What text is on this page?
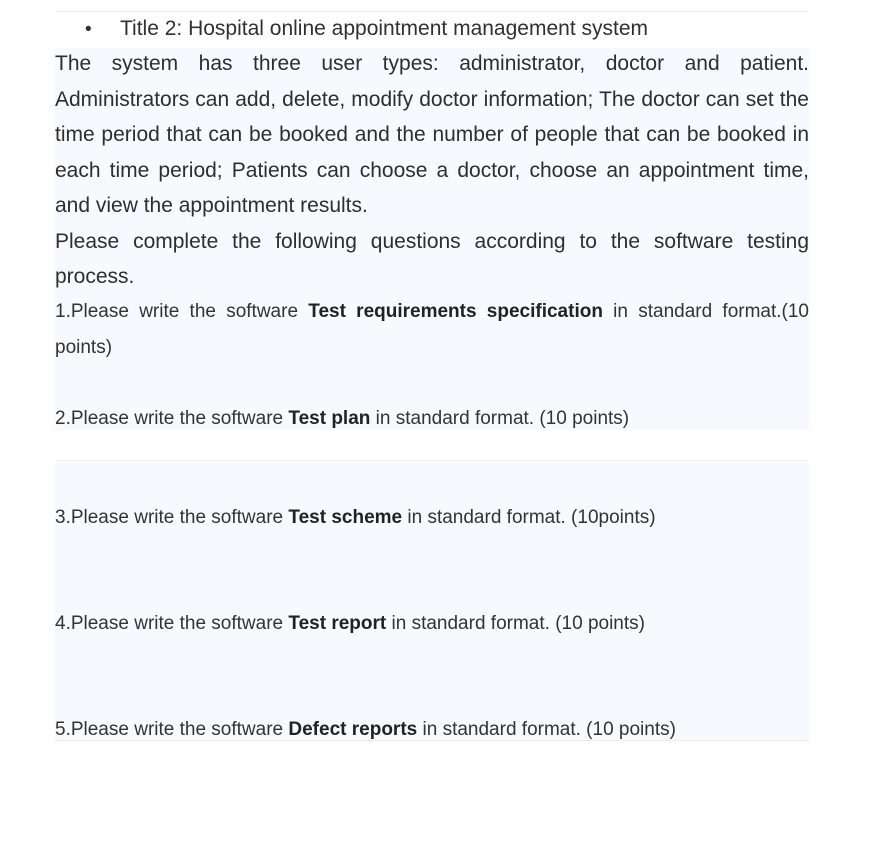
• Title 2: Hospital online appointment management system

The system has three user types: administrator, doctor and patient. Administrators can add, delete, modify doctor information; The doctor can set the time period that can be booked and the number of people that can be booked in each time period; Patients can choose a doctor, choose an appointment time, and view the appointment results.

Please complete the following questions according to the software testing process.

1.Please write the software Test requirements specification in standard format.(10 points)

2.Please write the software Test plan in standard format. (10 points)

3.Please write the software Test scheme in standard format. (10points)

4.Please write the software Test report in standard format. (10 points)

5.Please write the software Defect reports in standard format. (10 points)
